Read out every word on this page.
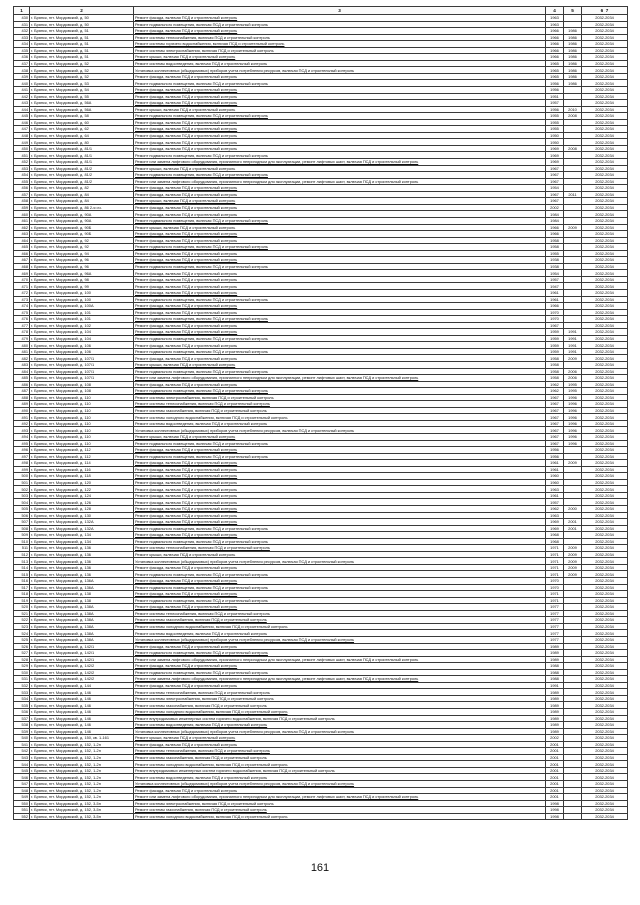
1	2	3	4	5	6 7
430	г. Брянск, пгт. Мордовский, д. 50	Ремонт фасада, включая ПСД и строительный контроль	1963		2032-2034
431	г. Брянск, пгт. Мордовский, д. 50	Ремонт подвального помещения, включая ПСД и строительный контроль	1963		2032-2034
432	г. Брянск, пгт. Мордовский, д. 51	Ремонт фасада, включая ПСД и строительный контроль	1966	1986	2032-2034
433	г. Брянск, пгт. Мордовский, д. 51	Ремонт системы теплоснабжения, включая ПСД и строительный контроль	1966	1986	2032-2034
434	г. Брянск, пгт. Мордовский, д. 51	Ремонт системы горячего водоснабжения, включая ПСД и строительный контроль	1966	1986	2032-2034
435	г. Брянск, пгт. Мордовский, д. 51	Ремонт системы электроснабжения, включая ПСД и строительный контроль	1966	1986	2032-2034
436	г. Брянск, пгт. Мордовский, д. 51	Ремонт крыши, включая ПСД и строительный контроль	1966	1986	2032-2034
437	г. Брянск, пгт. Мордовский, д. 52	Ремонт системы водоотведения, включая ПСД и строительный контроль	1965	1986	2032-2034
438	г. Брянск, пгт. Мордовский, д. 52	Установка коллективных (общедомовых) приборов учета потребления ресурсов, включая ПСД и строительный контроль	1965	1986	2032-2034
439	г. Брянск, пгт. Мордовский, д. 52	Ремонт фасада, включая ПСД и строительный контроль	1965	1986	2032-2034
440	г. Брянск, пгт. Мордовский, д. 53	Ремонт подвального помещения, включая ПСД и строительный контроль	1956	1986	2032-2034
441	г. Брянск, пгт. Мордовский, д. 54	Ремонт фасада, включая ПСД и строительный контроль	1956		2032-2034
442	г. Брянск, пгт. Мордовский, д. 55	Ремонт фасада, включая ПСД и строительный контроль	1951		2032-2034
443	г. Брянск, пгт. Мордовский, д. 56А	Ремонт фасада, включая ПСД и строительный контроль	1957		2032-2034
444	г. Брянск, пгт. Мордовский, д. 56А	Ремонт крыши, включая ПСД и строительный контроль	1956	2010	2032-2034
445	г. Брянск, пгт. Мордовский, д. 58	Ремонт подвального помещения, включая ПСД и строительный контроль	1955	2008	2032-2034
446	г. Брянск, пгт. Мордовский, д. 60	Ремонт фасада, включая ПСД и строительный контроль	1955		2032-2034
447	г. Брянск, пгт. Мордовский, д. 62	Ремонт фасада, включая ПСД и строительный контроль	1955		2032-2034
448	г. Брянск, пгт. Мордовский, д. 64	Ремонт фасада, включая ПСД и строительный контроль	1950		2032-2034
449	г. Брянск, пгт. Мордовский, д. 80	Ремонт фасада, включая ПСД и строительный контроль	1950		2032-2034
450	г. Брянск, пгт. Мордовский, д. 81/1	Ремонт фасада, включая ПСД и строительный контроль	1969	2008	2032-2034
451	г. Брянск, пгт. Мордовский, д. 81/1	Ремонт подвального помещения, включая ПСД и строительный контроль	1969		2032-2034
452	г. Брянск, пгт. Мордовский, д. 81/1	Ремонт или замена лифтового оборудования, признанного непригодным для эксплуатации, ремонт лифтовых шахт, включая ПСД и строительный контроль	1969		2032-2034
453	г. Брянск, пгт. Мордовский, д. 81/2	Ремонт крыши, включая ПСД и строительный контроль	1967		2032-2034
454	г. Брянск, пгт. Мордовский, д. 81/2	Ремонт подвального помещения, включая ПСД и строительный контроль	1967		2032-2034
455	г. Брянск, пгт. Мордовский, д. 81/2	Ремонт или замена лифтового оборудования, признанного непригодным для эксплуатации, ремонт лифтовых шахт, включая ПСД и строительный контроль	1967		2032-2034
456	г. Брянск, пгт. Мордовский, д. 82	Ремонт фасада, включая ПСД и строительный контроль	1954		2032-2034
457	г. Брянск, пгт. Мордовский, д. 84	Ремонт фасада, включая ПСД и строительный контроль	1967	2011	2032-2034
458	г. Брянск, пгт. Мордовский, д. 84	Ремонт крыши, включая ПСД и строительный контроль	1967		2032-2034
459	г. Брянск, пгт. Мордовский, д. 86 2-я оч.	Ремонт фасада, включая ПСД и строительный контроль	2002		2032-2034
460	г. Брянск, пгт. Мордовский, д. 90А	Ремонт фасада, включая ПСД и строительный контроль	1984		2032-2034
461	г. Брянск, пгт. Мордовский, д. 90А	Ремонт подвального помещения, включая ПСД и строительный контроль	1984		2032-2034
462	г. Брянск, пгт. Мордовский, д. 90Б	Ремонт крыши, включая ПСД и строительный контроль	1966	2009	2032-2034
463	г. Брянск, пгт. Мордовский, д. 90Б	Ремонт фасада, включая ПСД и строительный контроль	1966		2032-2034
464	г. Брянск, пгт. Мордовский, д. 92	Ремонт фасада, включая ПСД и строительный контроль	1958		2032-2034
465	г. Брянск, пгт. Мордовский, д. 92	Ремонт подвального помещения, включая ПСД и строительный контроль	1958		2032-2034
466	г. Брянск, пгт. Мордовский, д. 94	Ремонт фасада, включая ПСД и строительный контроль	1955		2032-2034
467	г. Брянск, пгт. Мордовский, д. 96	Ремонт фасада, включая ПСД и строительный контроль	1938		2032-2034
468	г. Брянск, пгт. Мордовский, д. 96	Ремонт подвального помещения, включая ПСД и строительный контроль	1938		2032-2034
469	г. Брянск, пгт. Мордовский, д. 96А	Ремонт фасада, включая ПСД и строительный контроль	1954		2032-2034
470	г. Брянск, пгт. Мордовский, д. 98	Ремонт фасада, включая ПСД и строительный контроль	1957		2032-2034
471	г. Брянск, пгт. Мордовский, д. 99	Ремонт фасада, включая ПСД и строительный контроль	1947		2032-2034
472	г. Брянск, пгт. Мордовский, д. 100	Ремонт фасада, включая ПСД и строительный контроль	1961		2032-2034
473	г. Брянск, пгт. Мордовский, д. 100	Ремонт подвального помещения, включая ПСД и строительный контроль	1961		2032-2034
474	г. Брянск, пгт. Мордовский, д. 100А	Ремонт фасада, включая ПСД и строительный контроль	1966		2032-2034
475	г. Брянск, пгт. Мордовский, д. 101	Ремонт фасада, включая ПСД и строительный контроль	1970		2032-2034
476	г. Брянск, пгт. Мордовский, д. 101	Ремонт подвального помещения, включая ПСД и строительный контроль	1970		2032-2034
477	г. Брянск, пгт. Мордовский, д. 102	Ремонт фасада, включая ПСД и строительный контроль	1967		2032-2034
478	г. Брянск, пгт. Мордовский, д. 104	Ремонт фасада, включая ПСД и строительный контроль	1959	1991	2032-2034
479	г. Брянск, пгт. Мордовский, д. 104	Ремонт подвального помещения, включая ПСД и строительный контроль	1959	1991	2032-2034
480	г. Брянск, пгт. Мордовский, д. 106	Ремонт фасада, включая ПСД и строительный контроль	1959	1991	2032-2034
481	г. Брянск, пгт. Мордовский, д. 106	Ремонт подвального помещения, включая ПСД и строительный контроль	1959	1991	2032-2034
482	г. Брянск, пгт. Мордовский, д. 107/1	Ремонт фасада, включая ПСД и строительный контроль	1958	2009	2032-2034
483	г. Брянск, пгт. Мордовский, д. 107/1	Ремонт крыши, включая ПСД и строительный контроль	1958		2032-2034
484	г. Брянск, пгт. Мордовский, д. 107/1	Ремонт подвального помещения, включая ПСД и строительный контроль	1958	2006	2032-2034
485	г. Брянск, пгт. Мордовский, д. 107/1	Ремонт или замена лифтового оборудования, признанного непригодным для эксплуатации, ремонт лифтовых шахт, включая ПСД и строительный контроль	1958	2006	2032-2034
486	г. Брянск, пгт. Мордовский, д. 108	Ремонт фасада, включая ПСД и строительный контроль	1962	1995	2032-2034
487	г. Брянск, пгт. Мордовский, д. 108	Ремонт подвального помещения, включая ПСД и строительный контроль	1962	1995	2032-2034
488	г. Брянск, пгт. Мордовский, д. 110	Ремонт системы электроснабжения, включая ПСД и строительный контроль	1967	1996	2032-2034
489	г. Брянск, пгт. Мордовский, д. 110	Ремонт системы теплоснабжения, включая ПСД и строительный контроль	1967	1996	2032-2034
490	г. Брянск, пгт. Мордовский, д. 110	Ремонт системы газоснабжения, включая ПСД и строительный контроль	1967	1996	2032-2034
491	г. Брянск, пгт. Мордовский, д. 110	Ремонт системы холодного водоснабжения, включая ПСД и строительный контроль	1967	1996	2032-2034
492	г. Брянск, пгт. Мордовский, д. 110	Ремонт системы водоотведения, включая ПСД и строительный контроль	1967	1996	2032-2034
493	г. Брянск, пгт. Мордовский, д. 110	Установка коллективных (общедомовых) приборов учета потребления ресурсов, включая ПСД и строительный контроль	1967	1996	2032-2034
494	г. Брянск, пгт. Мордовский, д. 110	Ремонт крыши, включая ПСД и строительный контроль	1967	1996	2032-2034
495	г. Брянск, пгт. Мордовский, д. 110	Ремонт подвального помещения, включая ПСД и строительный контроль	1967	1996	2032-2034
496	г. Брянск, пгт. Мордовский, д. 112	Ремонт фасада, включая ПСД и строительный контроль	1956		2032-2034
497	г. Брянск, пгт. Мордовский, д. 112	Ремонт подвального помещения, включая ПСД и строительный контроль	1956		2032-2034
498	г. Брянск, пгт. Мордовский, д. 114	Ремонт фасада, включая ПСД и строительный контроль	1961	2009	2032-2034
499	г. Брянск, пгт. Мордовский, д. 116	Ремонт фасада, включая ПСД и строительный контроль	1961		2032-2034
500	г. Брянск, пгт. Мордовский, д. 118	Ремонт фасада, включая ПСД и строительный контроль	1960		2032-2034
501	г. Брянск, пгт. Мордовский, д. 120	Ремонт фасада, включая ПСД и строительный контроль	1960		2032-2034
502	г. Брянск, пгт. Мордовский, д. 122	Ремонт фасада, включая ПСД и строительный контроль	1963		2032-2034
503	г. Брянск, пгт. Мордовский, д. 124	Ремонт фасада, включая ПСД и строительный контроль	1961		2032-2034
504	г. Брянск, пгт. Мордовский, д. 126	Ремонт фасада, включая ПСД и строительный контроль	1957		2032-2034
505	г. Брянск, пгт. Мордовский, д. 128	Ремонт фасада, включая ПСД и строительный контроль	1962	2000	2032-2034
506	г. Брянск, пгт. Мордовский, д. 130	Ремонт фасада, включая ПСД и строительный контроль	1963		2032-2034
507	г. Брянск, пгт. Мордовский, д. 132А	Ремонт фасада, включая ПСД и строительный контроль	1969	2001	2032-2034
508	г. Брянск, пгт. Мордовский, д. 132А	Ремонт подвального помещения, включая ПСД и строительный контроль	1969	2001	2032-2034
509	г. Брянск, пгт. Мордовский, д. 134	Ремонт фасада, включая ПСД и строительный контроль	1968		2032-2034
510	г. Брянск, пгт. Мордовский, д. 134	Ремонт подвального помещения, включая ПСД и строительный контроль	1968		2032-2034
511	г. Брянск, пгт. Мордовский, д. 136	Ремонт системы теплоснабжения, включая ПСД и строительный контроль	1971	2009	2032-2034
512	г. Брянск, пгт. Мордовский, д. 136	Ремонт крыши, включая ПСД и строительный контроль	1971	2009	2032-2034
513	г. Брянск, пгт. Мордовский, д. 136	Установка коллективных (общедомовых) приборов учета потребления ресурсов, включая ПСД и строительный контроль	1971	2009	2032-2034
514	г. Брянск, пгт. Мордовский, д. 136	Ремонт фасада, включая ПСД и строительный контроль	1971	2009	2032-2034
515	г. Брянск, пгт. Мордовский, д. 136	Ремонт подвального помещения, включая ПСД и строительный контроль	1971	2009	2032-2034
516	г. Брянск, пгт. Мордовский, д. 136А	Ремонт фасада, включая ПСД и строительный контроль	1970		2032-2034
517	г. Брянск, пгт. Мордовский, д. 136А	Ремонт подвального помещения, включая ПСД и строительный контроль	1970		2032-2034
518	г. Брянск, пгт. Мордовский, д. 138	Ремонт фасада, включая ПСД и строительный контроль	1971		2032-2034
519	г. Брянск, пгт. Мордовский, д. 138	Ремонт подвального помещения, включая ПСД и строительный контроль	1971		2032-2034
520	г. Брянск, пгт. Мордовский, д. 138А	Ремонт фасада, включая ПСД и строительный контроль	1977		2032-2034
521	г. Брянск, пгт. Мордовский, д. 138А	Ремонт системы теплоснабжения, включая ПСД и строительный контроль	1977		2032-2034
522	г. Брянск, пгт. Мордовский, д. 138А	Ремонт системы газоснабжения, включая ПСД и строительный контроль	1977		2032-2034
523	г. Брянск, пгт. Мордовский, д. 138А	Ремонт системы холодного водоснабжения, включая ПСД и строительный контроль	1977		2032-2034
524	г. Брянск, пгт. Мордовский, д. 138А	Ремонт системы водоотведения, включая ПСД и строительный контроль	1977		2032-2034
525	г. Брянск, пгт. Мордовский, д. 138А	Установка коллективных (общедомовых) приборов учета потребления ресурсов, включая ПСД и строительный контроль	1977		2032-2034
526	г. Брянск, пгт. Мордовский, д. 142/1	Ремонт фасада, включая ПСД и строительный контроль	1989		2032-2034
527	г. Брянск, пгт. Мордовский, д. 142/1	Ремонт подвального помещения, включая ПСД и строительный контроль	1989		2032-2034
528	г. Брянск, пгт. Мордовский, д. 142/1	Ремонт или замена лифтового оборудования, признанного непригодным для эксплуатации, ремонт лифтовых шахт, включая ПСД и строительный контроль	1989		2032-2034
529	г. Брянск, пгт. Мордовский, д. 142/2	Ремонт фасада, включая ПСД и строительный контроль	1988		2032-2034
530	г. Брянск, пгт. Мордовский, д. 142/2	Ремонт подвального помещения, включая ПСД и строительный контроль	1988		2032-2034
531	г. Брянск, пгт. Мордовский, д. 142/2	Ремонт или замена лифтового оборудования, признанного непригодным для эксплуатации, ремонт лифтовых шахт, включая ПСД и строительный контроль	1988		2032-2034
532	г. Брянск, пгт. Мордовский, д. 144	Ремонт фасада, включая ПСД и строительный контроль	1991		2032-2034
533	г. Брянск, пгт. Мордовский, д. 146	Ремонт системы теплоснабжения, включая ПСД и строительный контроль	1989		2032-2034
534	г. Брянск, пгт. Мордовский, д. 146	Ремонт системы электроснабжения, включая ПСД и строительный контроль	1989		2032-2034
535	г. Брянск, пгт. Мордовский, д. 146	Ремонт системы газоснабжения, включая ПСД и строительный контроль	1989		2032-2034
536	г. Брянск, пгт. Мордовский, д. 146	Ремонт системы холодного водоснабжения, включая ПСД и строительный контроль	1989		2032-2034
537	г. Брянск, пгт. Мордовский, д. 146	Ремонт внутридомовых инженерных систем горячего водоснабжения, включая ПСД и строительный контроль	1989		2032-2034
538	г. Брянск, пгт. Мордовский, д. 146	Ремонт системы водоотведения, включая ПСД и строительный контроль	1989		2032-2034
539	г. Брянск, пгт. Мордовский, д. 146	Установка коллективных (общедомовых) приборов учета потребления ресурсов, включая ПСД и строительный контроль	1989		2032-2034
540	г. Брянск, пгт. Мордовский, д. 150, кв. 1-161	Ремонт крыши, включая ПСД и строительный контроль	2002		2032-2034
541	г. Брянск, пгт. Мордовский, д. 152, 1-2п	Ремонт фасада, включая ПСД и строительный контроль	2001		2032-2034
542	г. Брянск, пгт. Мордовский, д. 152, 1-2п	Ремонт системы теплоснабжения, включая ПСД и строительный контроль	2001		2032-2034
543	г. Брянск, пгт. Мордовский, д. 152, 1-2п	Ремонт системы газоснабжения, включая ПСД и строительный контроль	2001		2032-2034
544	г. Брянск, пгт. Мордовский, д. 152, 1-2п	Ремонт системы холодного водоснабжения, включая ПСД и строительный контроль	2001		2032-2034
545	г. Брянск, пгт. Мордовский, д. 152, 1-2п	Ремонт внутридомовых инженерных систем горячего водоснабжения, включая ПСД и строительный контроль	2001		2032-2034
546	г. Брянск, пгт. Мордовский, д. 152, 1-2п	Ремонт системы водоотведения, включая ПСД и строительный контроль	2001		2032-2034
547	г. Брянск, пгт. Мордовский, д. 152, 1-2п	Установка коллективных (общедомовых) приборов учета потребления ресурсов, включая ПСД и строительный контроль	2001		2032-2034
548	г. Брянск, пгт. Мордовский, д. 152, 1-2п	Ремонт фасада, включая ПСД и строительный контроль	2001		2032-2034
549	г. Брянск, пгт. Мордовский, д. 152, 1-2п	Ремонт или замена лифтового оборудования, признанного непригодным для эксплуатации, ремонт лифтовых шахт, включая ПСД и строительный контроль	2001		2032-2034
550	г. Брянск, пгт. Мордовский, д. 152, 3-5п	Ремонт системы электроснабжения, включая ПСД и строительный контроль	1998		2032-2034
551	г. Брянск, пгт. Мордовский, д. 152, 3-5п	Ремонт системы газоснабжения, включая ПСД и строительный контроль	1998		2032-2034
552	г. Брянск, пгт. Мордовский, д. 152, 3-5п	Ремонт системы холодного водоснабжения, включая ПСД и строительный контроль	1998		2032-2034
161
